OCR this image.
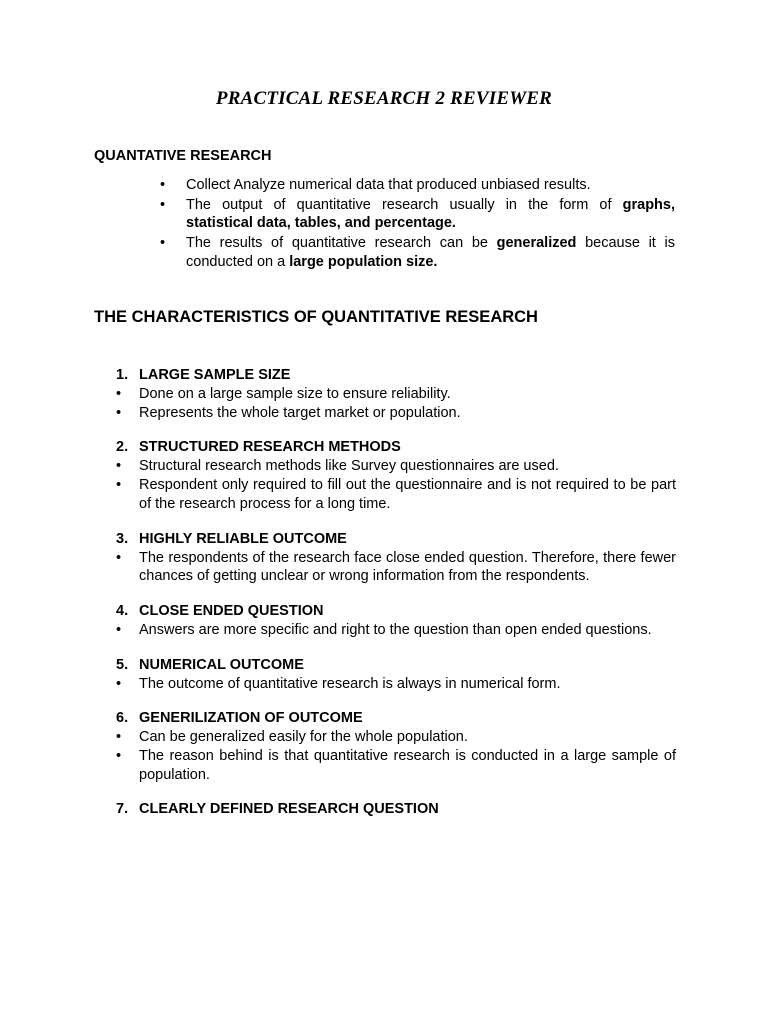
PRACTICAL RESEARCH 2 REVIEWER
QUANTATIVE RESEARCH
• Collect Analyze numerical data that produced unbiased results.
• The output of quantitative research usually in the form of graphs, statistical data, tables, and percentage.
• The results of quantitative research can be generalized because it is conducted on a large population size.
THE CHARACTERISTICS OF QUANTITATIVE RESEARCH
1. LARGE SAMPLE SIZE
• Done on a large sample size to ensure reliability.
• Represents the whole target market or population.
2. STRUCTURED RESEARCH METHODS
• Structural research methods like Survey questionnaires are used.
• Respondent only required to fill out the questionnaire and is not required to be part of the research process for a long time.
3. HIGHLY RELIABLE OUTCOME
• The respondents of the research face close ended question. Therefore, there fewer chances of getting unclear or wrong information from the respondents.
4. CLOSE ENDED QUESTION
• Answers are more specific and right to the question than open ended questions.
5. NUMERICAL OUTCOME
• The outcome of quantitative research is always in numerical form.
6. GENERILIZATION OF OUTCOME
• Can be generalized easily for the whole population.
• The reason behind is that quantitative research is conducted in a large sample of population.
7. CLEARLY DEFINED RESEARCH QUESTION
